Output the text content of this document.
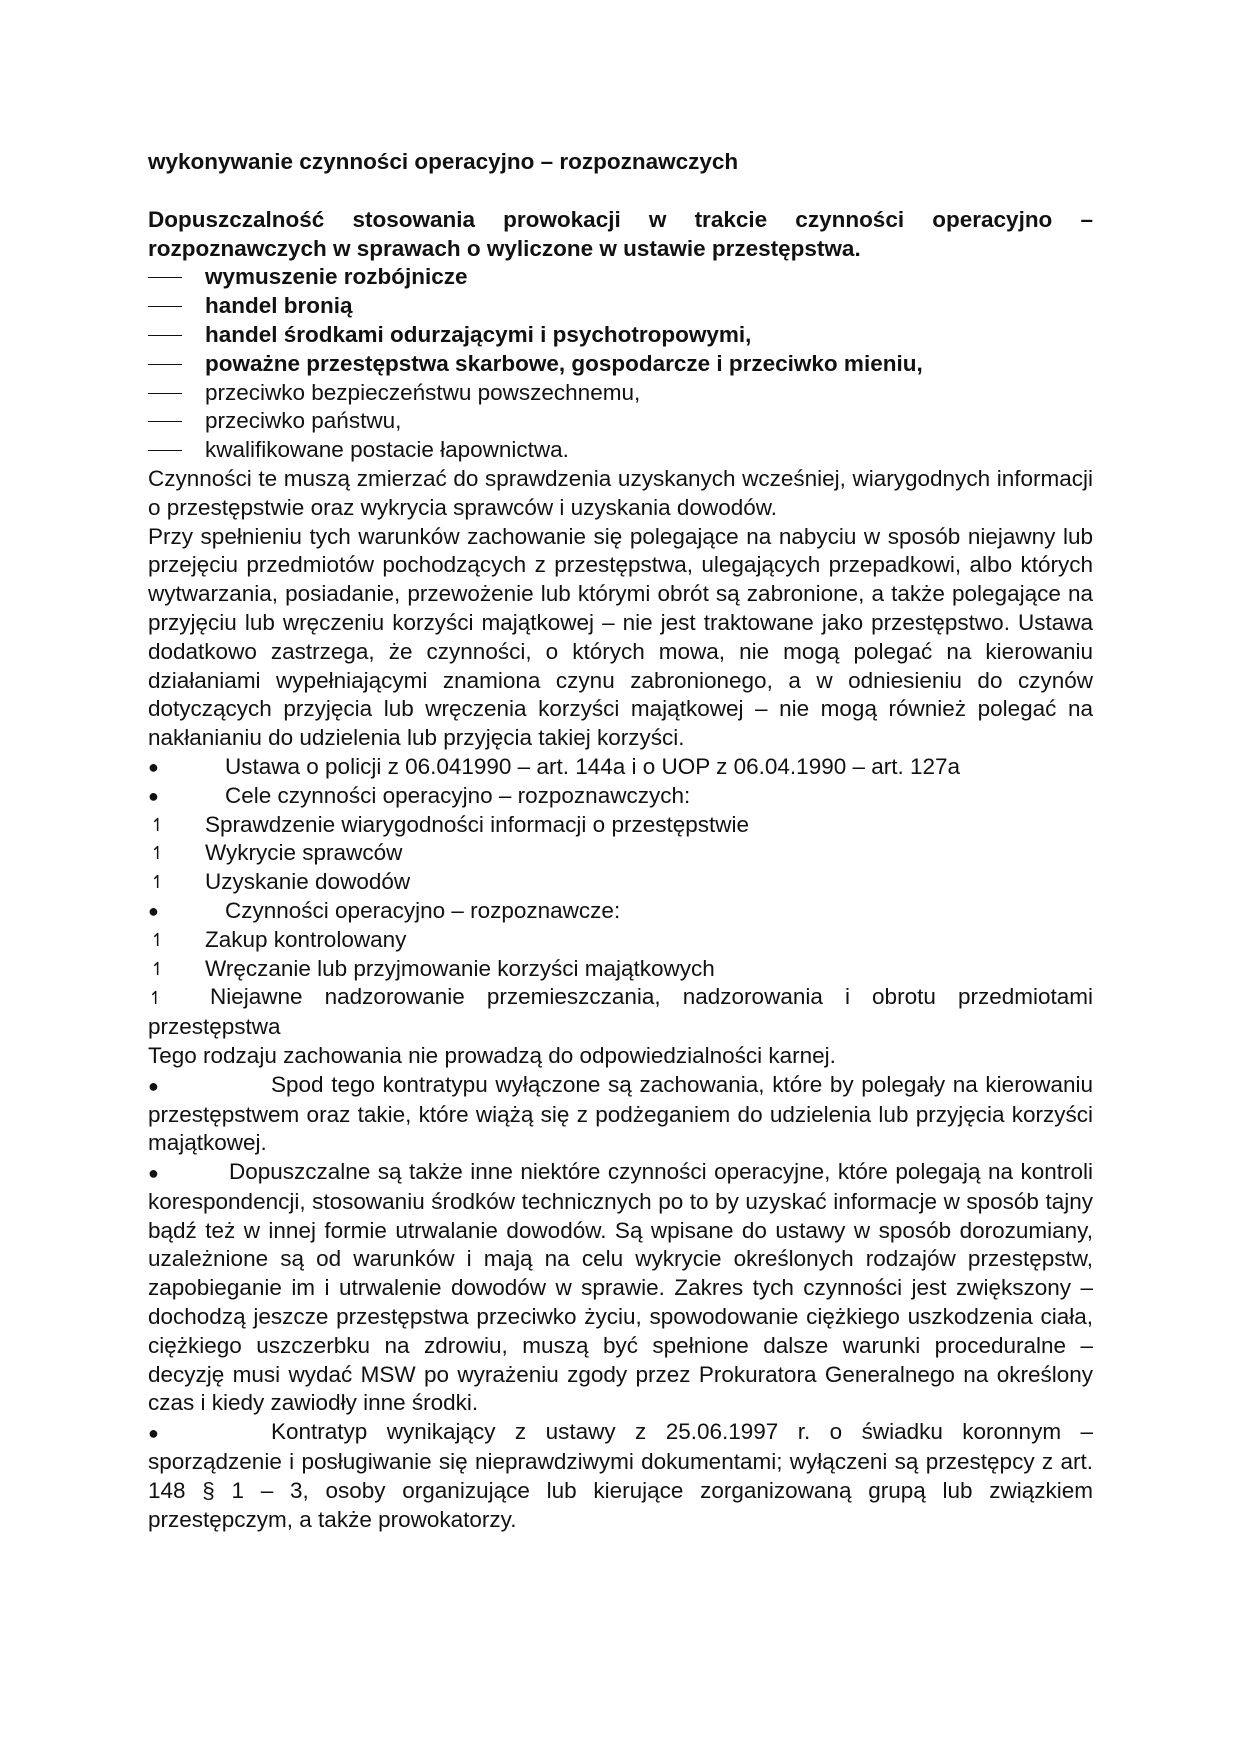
wykonywanie czynności operacyjno – rozpoznawczych
Dopuszczalność stosowania prowokacji w trakcie czynności operacyjno – rozpoznawczych w sprawach o wyliczone w ustawie przestępstwa.
wymuszenie rozbójnicze
handel bronią
handel środkami odurzającymi i psychotropowymi,
poważne przestępstwa skarbowe, gospodarcze i przeciwko mieniu,
przeciwko bezpieczeństwu powszechnemu,
przeciwko państwu,
kwalifikowane postacie łapownictwa.
Czynności te muszą zmierzać do sprawdzenia uzyskanych wcześniej, wiarygodnych informacji o przestępstwie oraz wykrycia sprawców i uzyskania dowodów.
Przy spełnieniu tych warunków zachowanie się polegające na nabyciu w sposób niejawny lub przejęciu przedmiotów pochodzących z przestępstwa, ulegających przepadkowi, albo których wytwarzania, posiadanie, przewożenie lub którymi obrót są zabronione, a także polegające na przyjęciu lub wręczeniu korzyści majątkowej – nie jest traktowane jako przestępstwo. Ustawa dodatkowo zastrzega, że czynności, o których mowa, nie mogą polegać na kierowaniu działaniami wypełniającymi znamiona czynu zabronionego, a w odniesieniu do czynów dotyczących przyjęcia lub wręczenia korzyści majątkowej – nie mogą również polegać na nakłanianiu do udzielenia lub przyjęcia takiej korzyści.
●	Ustawa o policji z 06.041990 – art. 144a i o UOP z 06.04.1990 – art. 127a
●	Cele czynności operacyjno – rozpoznawczych:
↿	Sprawdzenie wiarygodności informacji o przestępstwie
↿	Wykrycie sprawców
↿	Uzyskanie dowodów
●	Czynności operacyjno – rozpoznawcze:
↿	Zakup kontrolowany
↿	Wręczanie lub przyjmowanie korzyści majątkowych
↿ Niejawne nadzorowanie przemieszczania, nadzorowania i obrotu przedmiotami przestępstwa
Tego rodzaju zachowania nie prowadzą do odpowiedzialności karnej.
●	Spod tego kontratypu wyłączone są zachowania, które by polegały na kierowaniu przestępstwem oraz takie, które wiążą się z podżeganiem do udzielenia lub przyjęcia korzyści majątkowej.
●	Dopuszczalne są także inne niektóre czynności operacyjne, które polegają na kontroli korespondencji, stosowaniu środków technicznych po to by uzyskać informacje w sposób tajny bądź też w innej formie utrwalanie dowodów. Są wpisane do ustawy w sposób dorozumiany, uzależnione są od warunków i mają na celu wykrycie określonych rodzajów przestępstw, zapobieganie im i utrwalenie dowodów w sprawie. Zakres tych czynności jest zwiększony – dochodzą jeszcze przestępstwa przeciwko życiu, spowodowanie ciężkiego uszkodzenia ciała, ciężkiego uszczerbku na zdrowiu, muszą być spełnione dalsze warunki proceduralne – decyzję musi wydać MSW po wyrażeniu zgody przez Prokuratora Generalnego na określony czas i kiedy zawiodły inne środki.
●	Kontratyp wynikający z ustawy z 25.06.1997 r. o świadku koronnym – sporządzenie i posługiwanie się nieprawdziwymi dokumentami; wyłączeni są przestępcy z art. 148 § 1 – 3, osoby organizujące lub kierujące zorganizowaną grupą lub związkiem przestępczym, a także prowokatorzy.
